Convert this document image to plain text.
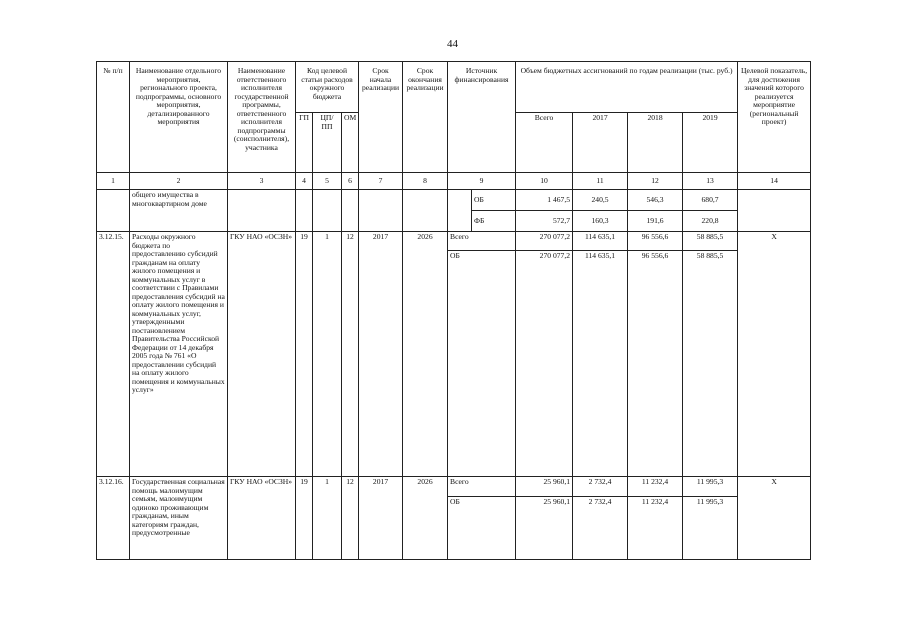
44
№ п/п	Наименование отдельного мероприятия, регионального проекта, подпрограммы, основного мероприятия, детализированного мероприятия	Наименование ответственного исполнителя государственной программы, ответственного исполнителя подпрограммы (соисполнителя), участника	Код целевой статьи расходов окружного бюджета			Срок начала реализации	Срок окончания реализации	Источник финансирования		Объем бюджетных ассигнований по годам реализации (тыс. руб.)				Целевой показатель, для достижения значений которого реализуется мероприятие (региональный проект)
			ГП	ЦП/ПП	ОМ					Всего	2017	2018	2019	
1	2	3	4	5	6	7	8	9		10	11	12	13	14
	общего имущества в многоквартирном доме								ОБ	1 467,5	240,5	546,3	680,7	
									ФБ	572,7	160,3	191,6	220,8	
3.12.15.	Расходы окружного бюджета по предоставлению субсидий гражданам на оплату жилого помещения и коммунальных услуг в соответствии с Правилами предоставления субсидий на оплату жилого помещения и коммунальных услуг, утвержденными постановлением Правительства Российской Федерации от 14 декабря 2005 года № 761 «О предоставлении субсидий на оплату жилого помещения и коммунальных услуг»	ГКУ НАО «ОСЗН»	19	1	12	2017	2026	Всего		270 077,2	114 635,1	96 556,6	58 885,5	X
								ОБ		270 077,2	114 635,1	96 556,6	58 885,5	
3.12.16.	Государственная социальная помощь малоимущим семьям, малоимущим одиноко проживающим гражданам, иным категориям граждан, предусмотренные	ГКУ НАО «ОСЗН»	19	1	12	2017	2026	Всего		25 960,1	2 732,4	11 232,4	11 995,3	X
								ОБ		25 960,1	2 732,4	11 232,4	11 995,3	
